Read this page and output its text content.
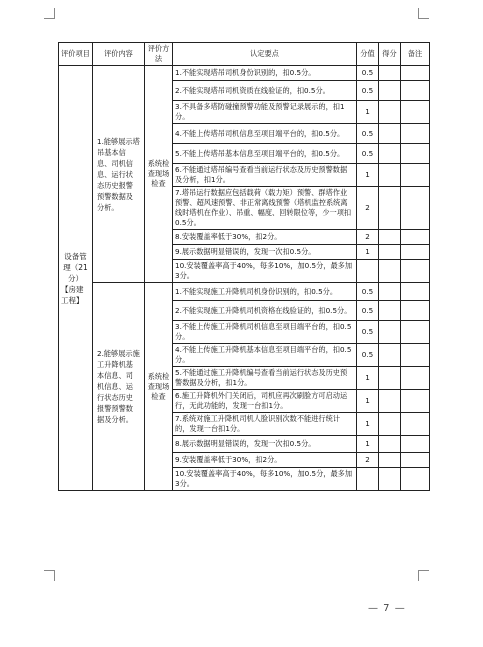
评价项目	评价内容	评价方法	认定要点	分值	得分	备注

设备管理（21分）
【房建工程】	1.能够展示塔吊基本信息、司机信息、运行状态历史报警预警数据及分析。	系统检查现场检查	1.不能实现塔吊司机身份识别的，扣0.5分。	0.5		
			2.不能实现塔吊司机资质在线验证的，扣0.5分。	0.5		
			3.不具备多塔防碰撞预警功能及预警记录展示的，扣1分。	1		
			4.不能上传塔吊司机信息至项目端平台的，扣0.5分。	0.5		
			5.不能上传塔吊基本信息至项目端平台的，扣0.5分。	0.5		
			6.不能通过塔吊编号查看当前运行状态及历史预警数据及分析，扣1分。	1		
			7.塔吊运行数据应包括载荷（载力矩）预警、群塔作业预警、超风速预警、非正常离线预警（塔机监控系统离线时塔机在作业）、吊重、幅度、回转限位等，少一项扣0.5分。	2		
			8.安装覆盖率低于30%，扣2分。	2		
			9.展示数据明显错误的，发现一次扣0.5分。	1		
			10.安装覆盖率高于40%，每多10%，加0.5分，最多加3分。			
	2.能够展示施工升降机基本信息、司机信息、运行状态历史报警预警数据及分析。	系统检查现场检查	1.不能实现施工升降机司机身份识别的，扣0.5分。	0.5		
			2.不能实现施工升降机司机资格在线验证的，扣0.5分。	0.5		
			3.不能上传施工升降机司机信息至项目端平台的，扣0.5分。	0.5		
			4.不能上传施工升降机基本信息至项目端平台的，扣0.5分。	0.5		
			5.不能通过施工升降机编号查看当前运行状态及历史预警数据及分析，扣1分。	1		
			6.施工升降机外门关闭后，司机应再次刷脸方可启动运行，无此功能的，发现一台扣1分。	1		
			7.系统对施工升降机司机人脸识别次数不能进行统计的，发现一台扣1分。	1		
			8.展示数据明显错误的，发现一次扣0.5分。	1		
			9.安装覆盖率低于30%，扣2分。	2		
			10.安装覆盖率高于40%，每多10%，加0.5分，最多加3分。			
— 7 —
